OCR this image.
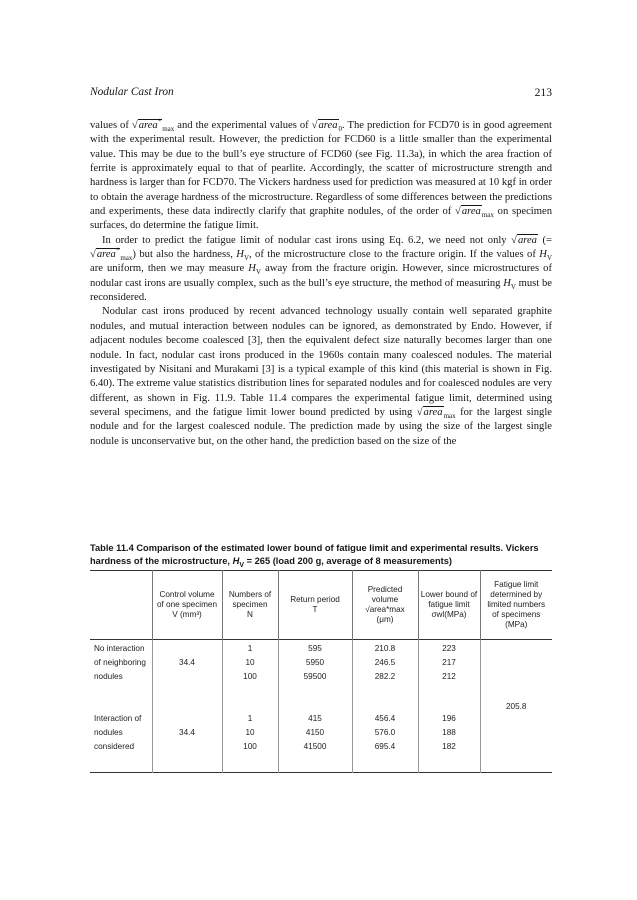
Nodular Cast Iron	213

values of √area*$_{max}$ and the experimental values of √area$_0$. The prediction for FCD70 is in good agreement with the experimental result. However, the prediction for FCD60 is a little smaller than the experimental value. This may be due to the bull’s eye structure of FCD60 (see Fig. 11.3a), in which the area fraction of ferrite is approximately equal to that of pearlite. Accordingly, the scatter of microstructure strength and hardness is larger than for FCD70. The Vickers hardness used for prediction was measured at 10 kgf in order to obtain the average hardness of the microstructure. Regardless of some differences between the predictions and experiments, these data indirectly clarify that graphite nodules, of the order of √area$_{max}$ on specimen surfaces, do determine the fatigue limit.

In order to predict the fatigue limit of nodular cast irons using Eq. 6.2, we need not only √area (= √area*$_{max}$) but also the hardness, $H_V$, of the microstructure close to the fracture origin. If the values of $H_V$ are uniform, then we may measure $H_V$ away from the fracture origin. However, since microstructures of nodular cast irons are usually complex, such as the bull’s eye structure, the method of measuring $H_V$ must be reconsidered.

Nodular cast irons produced by recent advanced technology usually contain well separated graphite nodules, and mutual interaction between nodules can be ignored, as demonstrated by Endo. However, if adjacent nodules become coalesced [3], then the equivalent defect size naturally becomes larger than one nodule. In fact, nodular cast irons produced in the 1960s contain many coalesced nodules. The material investigated by Nisitani and Murakami [3] is a typical example of this kind (this material is shown in Fig. 6.40). The extreme value statistics distribution lines for separated nodules and for coalesced nodules are very different, as shown in Fig. 11.9. Table 11.4 compares the experimental fatigue limit, determined using several specimens, and the fatigue limit lower bound predicted by using √area$_{max}$ for the largest single nodule and for the largest coalesced nodule. The prediction made by using the size of the largest single nodule is unconservative but, on the other hand, the prediction based on the size of the

Table 11.4 Comparison of the estimated lower bound of fatigue limit and experimental results. Vickers hardness of the microstructure, $H_V = 265$ (load 200 g, average of 8 measurements)
	Control volume
of one specimen
V (mm³)	Numbers of
specimen
N	Return period
T	Predicted
volume
√area*max
(μm)	Lower bound of
fatigue limit
σwl(MPa)	Fatigue limit
determined by
limited numbers
of specimens
(MPa)
No interaction		1	595	210.8	223	205.8
of neighboring	34.4	10	5950	246.5	217	
nodules		100	59500	282.2	212	

Interaction of		1	415	456.4	196	
nodules	34.4	10	4150	576.0	188	
considered		100	41500	695.4	182	
